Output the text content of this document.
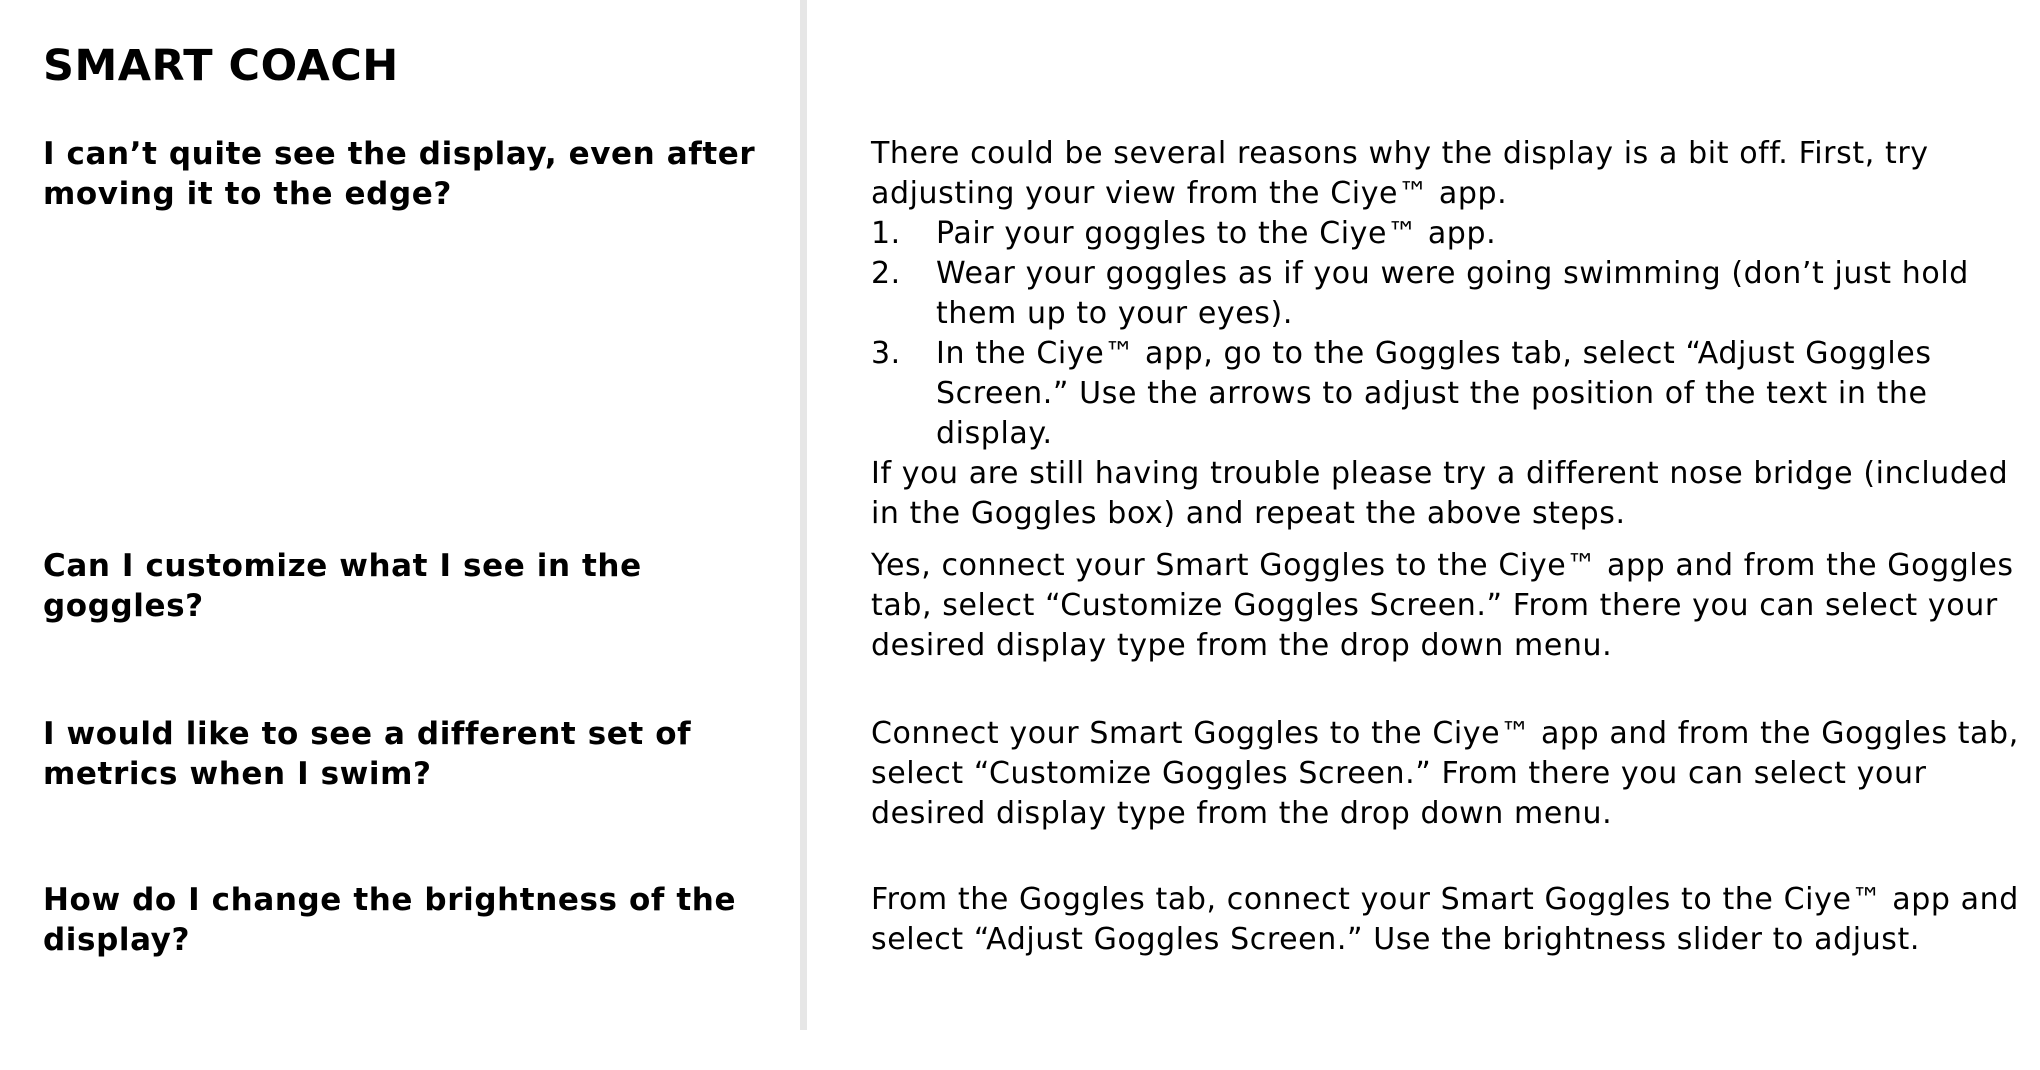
SMART COACH
I can’t quite see the display, even after moving it to the edge?

There could be several reasons why the display is a bit off. First, try adjusting your view from the Ciye™ app.

1. Pair your goggles to the Ciye™ app.
2. Wear your goggles as if you were going swimming (don’t just hold them up to your eyes).
3. In the Ciye™ app, go to the Goggles tab, select “Adjust Goggles Screen.” Use the arrows to adjust the position of the text in the display.

If you are still having trouble please try a different nose bridge (included in the Goggles box) and repeat the above steps.

Can I customize what I see in the goggles?

Yes, connect your Smart Goggles to the Ciye™ app and from the Goggles tab, select “Customize Goggles Screen.” From there you can select your desired display type from the drop down menu.

I would like to see a different set of metrics when I swim?

Connect your Smart Goggles to the Ciye™ app and from the Goggles tab, select “Customize Goggles Screen.” From there you can select your desired display type from the drop down menu.

How do I change the brightness of the display?

From the Goggles tab, connect your Smart Goggles to the Ciye™ app and select “Adjust Goggles Screen.” Use the brightness slider to adjust.
